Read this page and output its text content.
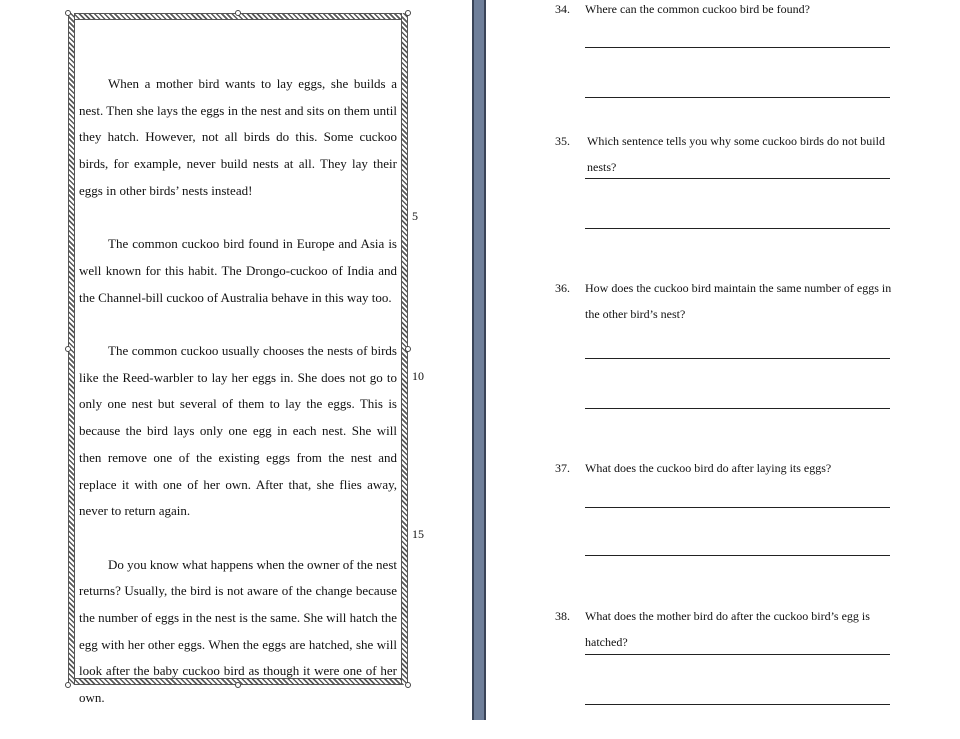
When a mother bird wants to lay eggs, she builds a nest. Then she lays the eggs in the nest and sits on them until they hatch. However, not all birds do this. Some cuckoo birds, for example, never build nests at all. They lay their eggs in other birds’ nests instead!

The common cuckoo bird found in Europe and Asia is well known for this habit. The Drongo-cuckoo of India and the Channel-bill cuckoo of Australia behave in this way too.

The common cuckoo usually chooses the nests of birds like the Reed-warbler to lay her eggs in. She does not go to only one nest but several of them to lay the eggs. This is because the bird lays only one egg in each nest. She will then remove one of the existing eggs from the nest and replace it with one of her own. After that, she flies away, never to return again.

Do you know what happens when the owner of the nest returns? Usually, the bird is not aware of the change because the number of eggs in the nest is the same. She will hatch the egg with her other eggs. When the eggs are hatched, she will look after the baby cuckoo bird as though it were one of her own.

5
10
15
34. Where can the common cuckoo bird be found?
35. Which sentence tells you why some cuckoo birds do not build nests?
36. How does the cuckoo bird maintain the same number of eggs in the other bird’s nest?
37. What does the cuckoo bird do after laying its eggs?
38. What does the mother bird do after the cuckoo bird’s egg is hatched?
